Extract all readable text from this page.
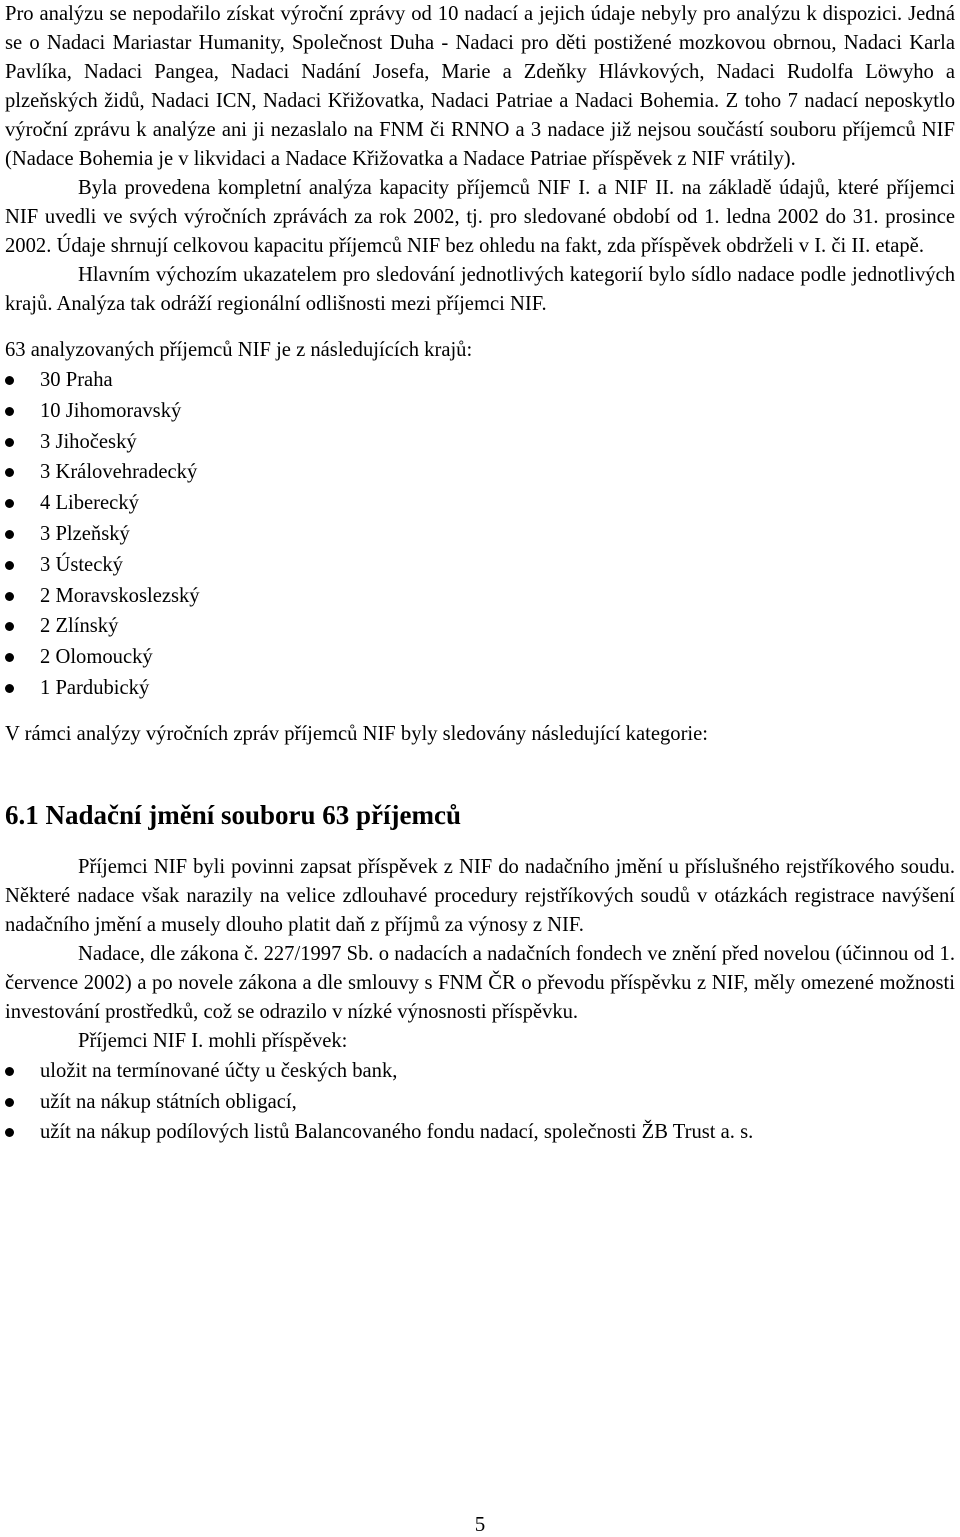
Pro analýzu se nepodařilo získat výroční zprávy od 10 nadací a jejich údaje nebyly pro analýzu k dispozici. Jedná se o Nadaci Mariastar Humanity, Společnost Duha - Nadaci pro děti postižené mozkovou obrnou, Nadaci Karla Pavlíka, Nadaci Pangea, Nadaci Nadání Josefa, Marie a Zdeňky Hlávkových, Nadaci Rudolfa Löwyho a plzeňských židů, Nadaci ICN, Nadaci Křižovatka, Nadaci Patriae a Nadaci Bohemia. Z toho 7 nadací neposkytlo výroční zprávu k analýze ani ji nezaslalo na FNM či RNNO a 3 nadace již nejsou součástí souboru příjemců NIF (Nadace Bohemia je v likvidaci a Nadace Křižovatka a Nadace Patriae příspěvek z NIF vrátily).

Byla provedena kompletní analýza kapacity příjemců NIF I. a NIF II. na základě údajů, které příjemci NIF uvedli ve svých výročních zprávách za rok 2002, tj. pro sledované období od 1. ledna 2002 do 31. prosince 2002. Údaje shrnují celkovou kapacitu příjemců NIF bez ohledu na fakt, zda příspěvek obdrželi v I. či II. etapě.

Hlavním výchozím ukazatelem pro sledování jednotlivých kategorií bylo sídlo nadace podle jednotlivých krajů. Analýza tak odráží regionální odlišnosti mezi příjemci NIF.

63 analyzovaných příjemců NIF je z následujících krajů:

30 Praha
10 Jihomoravský
3 Jihočeský
3 Královehradecký
4 Liberecký
3 Plzeňský
3 Ústecký
2 Moravskoslezský
2 Zlínský
2 Olomoucký
1 Pardubický

V rámci analýzy výročních zpráv příjemců NIF byly sledovány následující kategorie:

6.1 Nadační jmění souboru 63 příjemců

Příjemci NIF byli povinni zapsat příspěvek z NIF do nadačního jmění u příslušného rejstříkového soudu. Některé nadace však narazily na velice zdlouhavé procedury rejstříkových soudů v otázkách registrace navýšení nadačního jmění a musely dlouho platit daň z příjmů za výnosy z NIF.

Nadace, dle zákona č. 227/1997 Sb. o nadacích a nadačních fondech ve znění před novelou (účinnou od 1. července 2002) a po novele zákona a dle smlouvy s FNM ČR o převodu příspěvku z NIF, měly omezené možnosti investování prostředků, což se odrazilo v nízké výnosnosti příspěvku.

Příjemci NIF I. mohli příspěvek:

uložit na termínované účty u českých bank,
užít na nákup státních obligací,
užít na nákup podílových listů Balancovaného fondu nadací, společnosti ŽB Trust a. s.
5
